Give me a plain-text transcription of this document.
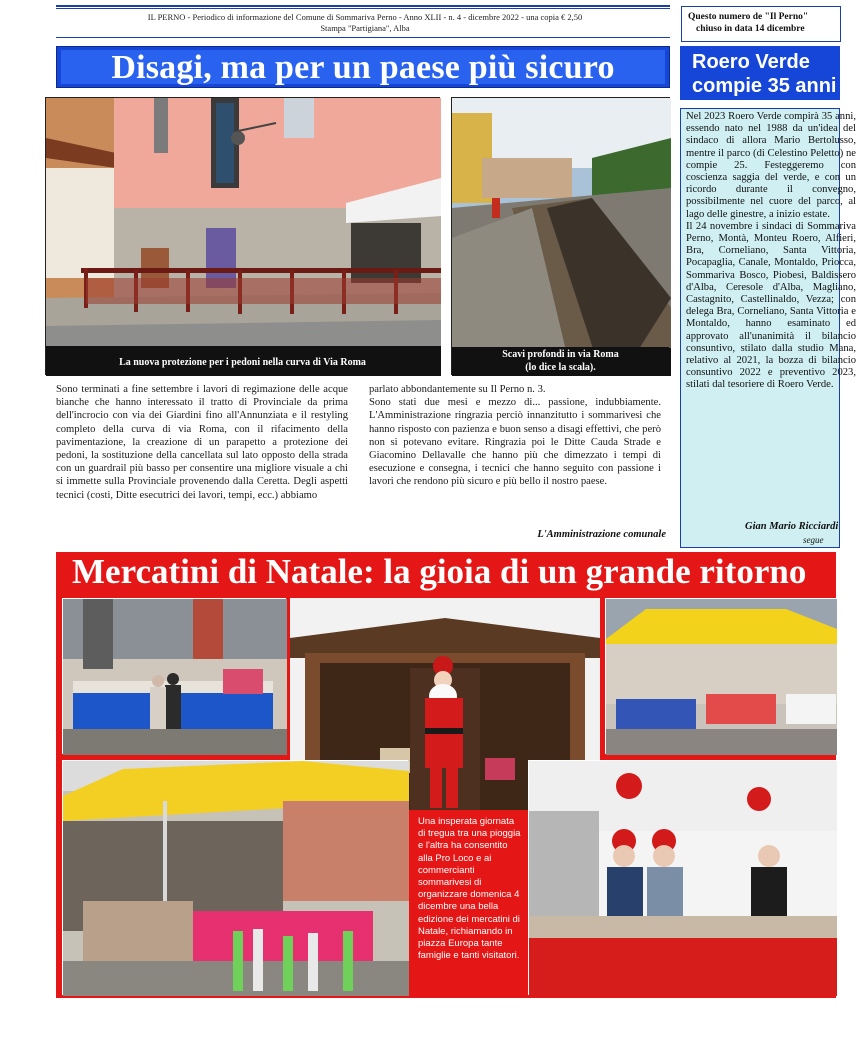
IL PERNO - Periodico di informazione del Comune di Sommariva Perno - Anno XLII - n. 4 - dicembre 2022 - una copia € 2,50
Stampa "Partigiana", Alba
Questo numero de "Il Perno"
chiuso in data 14 dicembre
Disagi, ma per un paese più sicuro	Roero Verde
compie 35 anni
La nuova protezione per i pedoni nella curva di Via Roma
Scavi profondi in via Roma
(lo dice la scala).

Sono terminati a fine settembre i lavori di regimazione delle acque bianche che hanno interessato il tratto di Provinciale da prima dell'incrocio con via dei Giardini fino all'Annunziata e il restyling completo della curva di via Roma, con il rifacimento della pavimentazione, la creazione di un parapetto a protezione dei pedoni, la sostituzione della cancellata sul lato opposto della strada con un guardrail più basso per consentire una migliore visuale a chi si immette sulla Provinciale provenendo dalla Ceretta. Degli aspetti tecnici (costi, Ditte esecutrici dei lavori, tempi, ecc.) abbiamo

parlato abbondantemente su Il Perno n. 3.

Sono stati due mesi e mezzo di... passione, indubbiamente. L'Amministrazione ringrazia perciò innanzitutto i sommarivesi che hanno risposto con pazienza e buon senso a disagi effettivi, che però non si potevano evitare. Ringrazia poi le Ditte Cauda Strade e Giacomino Dellavalle che hanno più che dimezzato i tempi di esecuzione e consegna, i tecnici che hanno seguito con passione i lavori che rendono più sicuro e più bello il nostro paese.

L'Amministrazione comunale

Nel 2023 Roero Verde compirà 35 anni, essendo nato nel 1988 da un'idea del sindaco di allora Mario Bertolusso, mentre il parco (di Celestino Peletto) ne compie 25. Festeggeremo con coscienza saggia del verde, e con un ricordo durante il convegno, possibilmente nel cuore del parco, al lago delle ginestre, a inizio estate.

Il 24 novembre i sindaci di Sommariva Perno, Montà, Monteu Roero, Alfieri, Bra, Corneliano, Santa Vittoria, Pocapaglia, Canale, Montaldo, Priocca, Sommariva Bosco, Piobesi, Baldissero d'Alba, Ceresole d'Alba, Magliano, Castagnito, Castellinaldo, Vezza; con delega Bra, Corneliano, Santa Vittoria e Montaldo, hanno esaminato ed approvato all'unanimità il bilancio consuntivo, stilato dalla studio Mana, relativo al 2021, la bozza di bilancio consuntivo 2022 e preventivo 2023, stilati dal tesoriere di Roero Verde.

Gian Mario Ricciardi
segue
Mercatini di Natale: la gioia di un grande ritorno
Una insperata giornata di tregua tra una pioggia e l'altra ha consentito alla Pro Loco e ai commercianti sommarivesi di organizzare domenica 4 dicembre una bella edizione dei mercatini di Natale, richiamando in piazza Europa tante famiglie e tanti visitatori.
